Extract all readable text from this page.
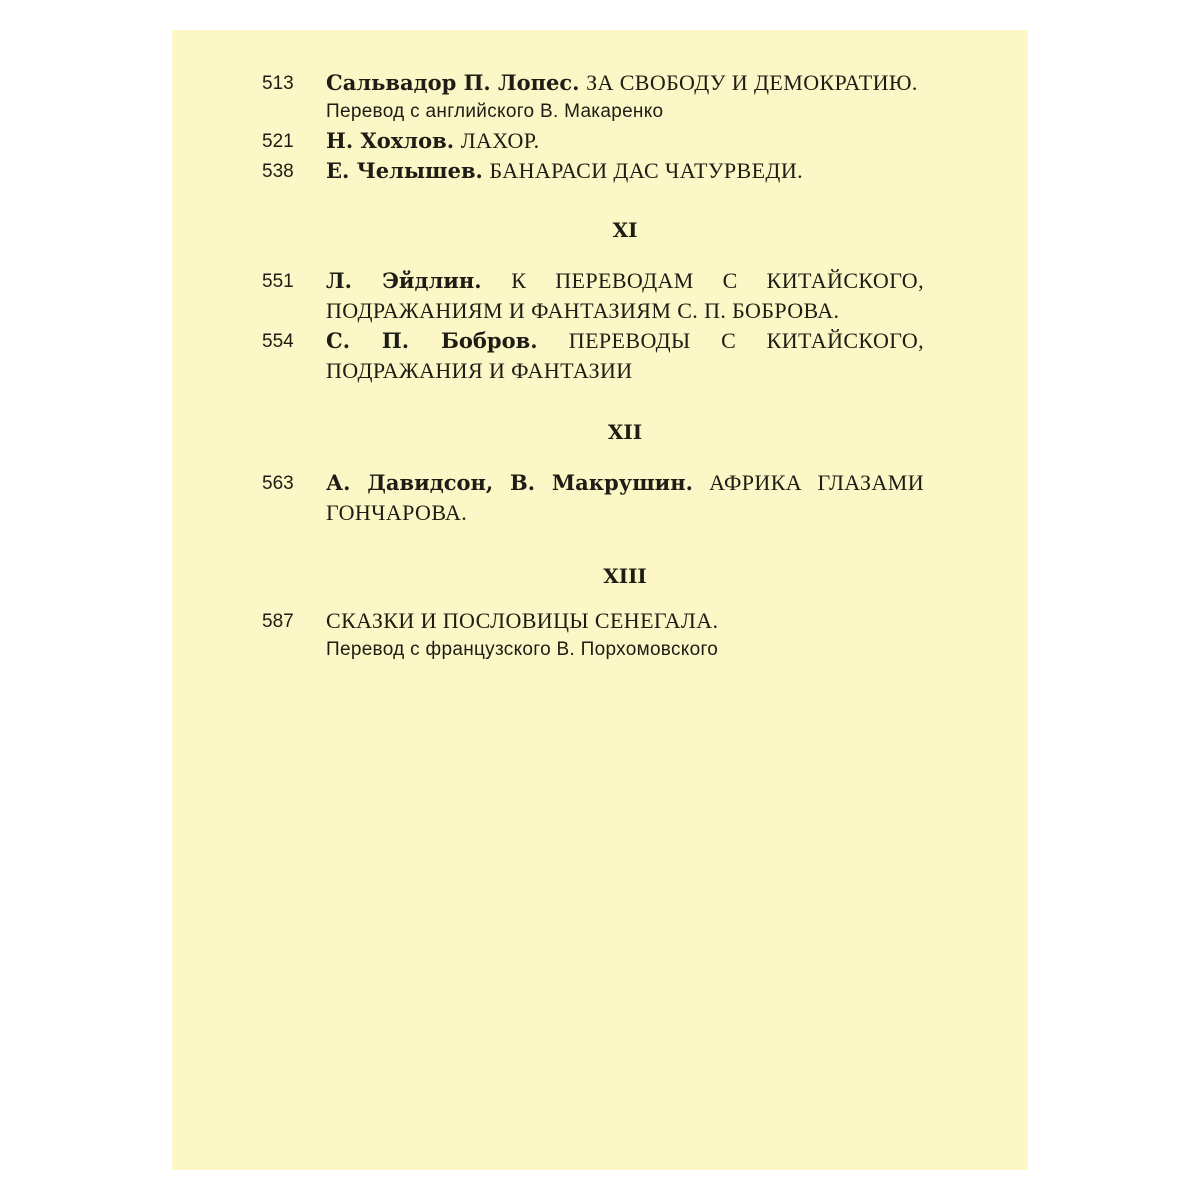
513	Сальвадор П. Лопес. ЗА СВОБОДУ И ДЕМОКРАТИЮ.
Перевод с английского В. Макаренко
521	Н. Хохлов. ЛАХОР.
538	Е. Челышев. БАНАРАСИ ДАС ЧАТУРВЕДИ.
XI
551	Л. Эйдлин. К ПЕРЕВОДАМ С КИТАЙСКОГО,
ПОДРАЖАНИЯМ И ФАНТАЗИЯМ С. П. БОБРОВА.
554	С. П. Бобров. ПЕРЕВОДЫ С КИТАЙСКОГО,
ПОДРАЖАНИЯ И ФАНТАЗИИ
XII
563	А. Давидсон, В. Макрушин. АФРИКА ГЛАЗАМИ
ГОНЧАРОВА.
XIII
587	СКАЗКИ И ПОСЛОВИЦЫ СЕНЕГАЛА.
Перевод с французского В. Порхомовского
